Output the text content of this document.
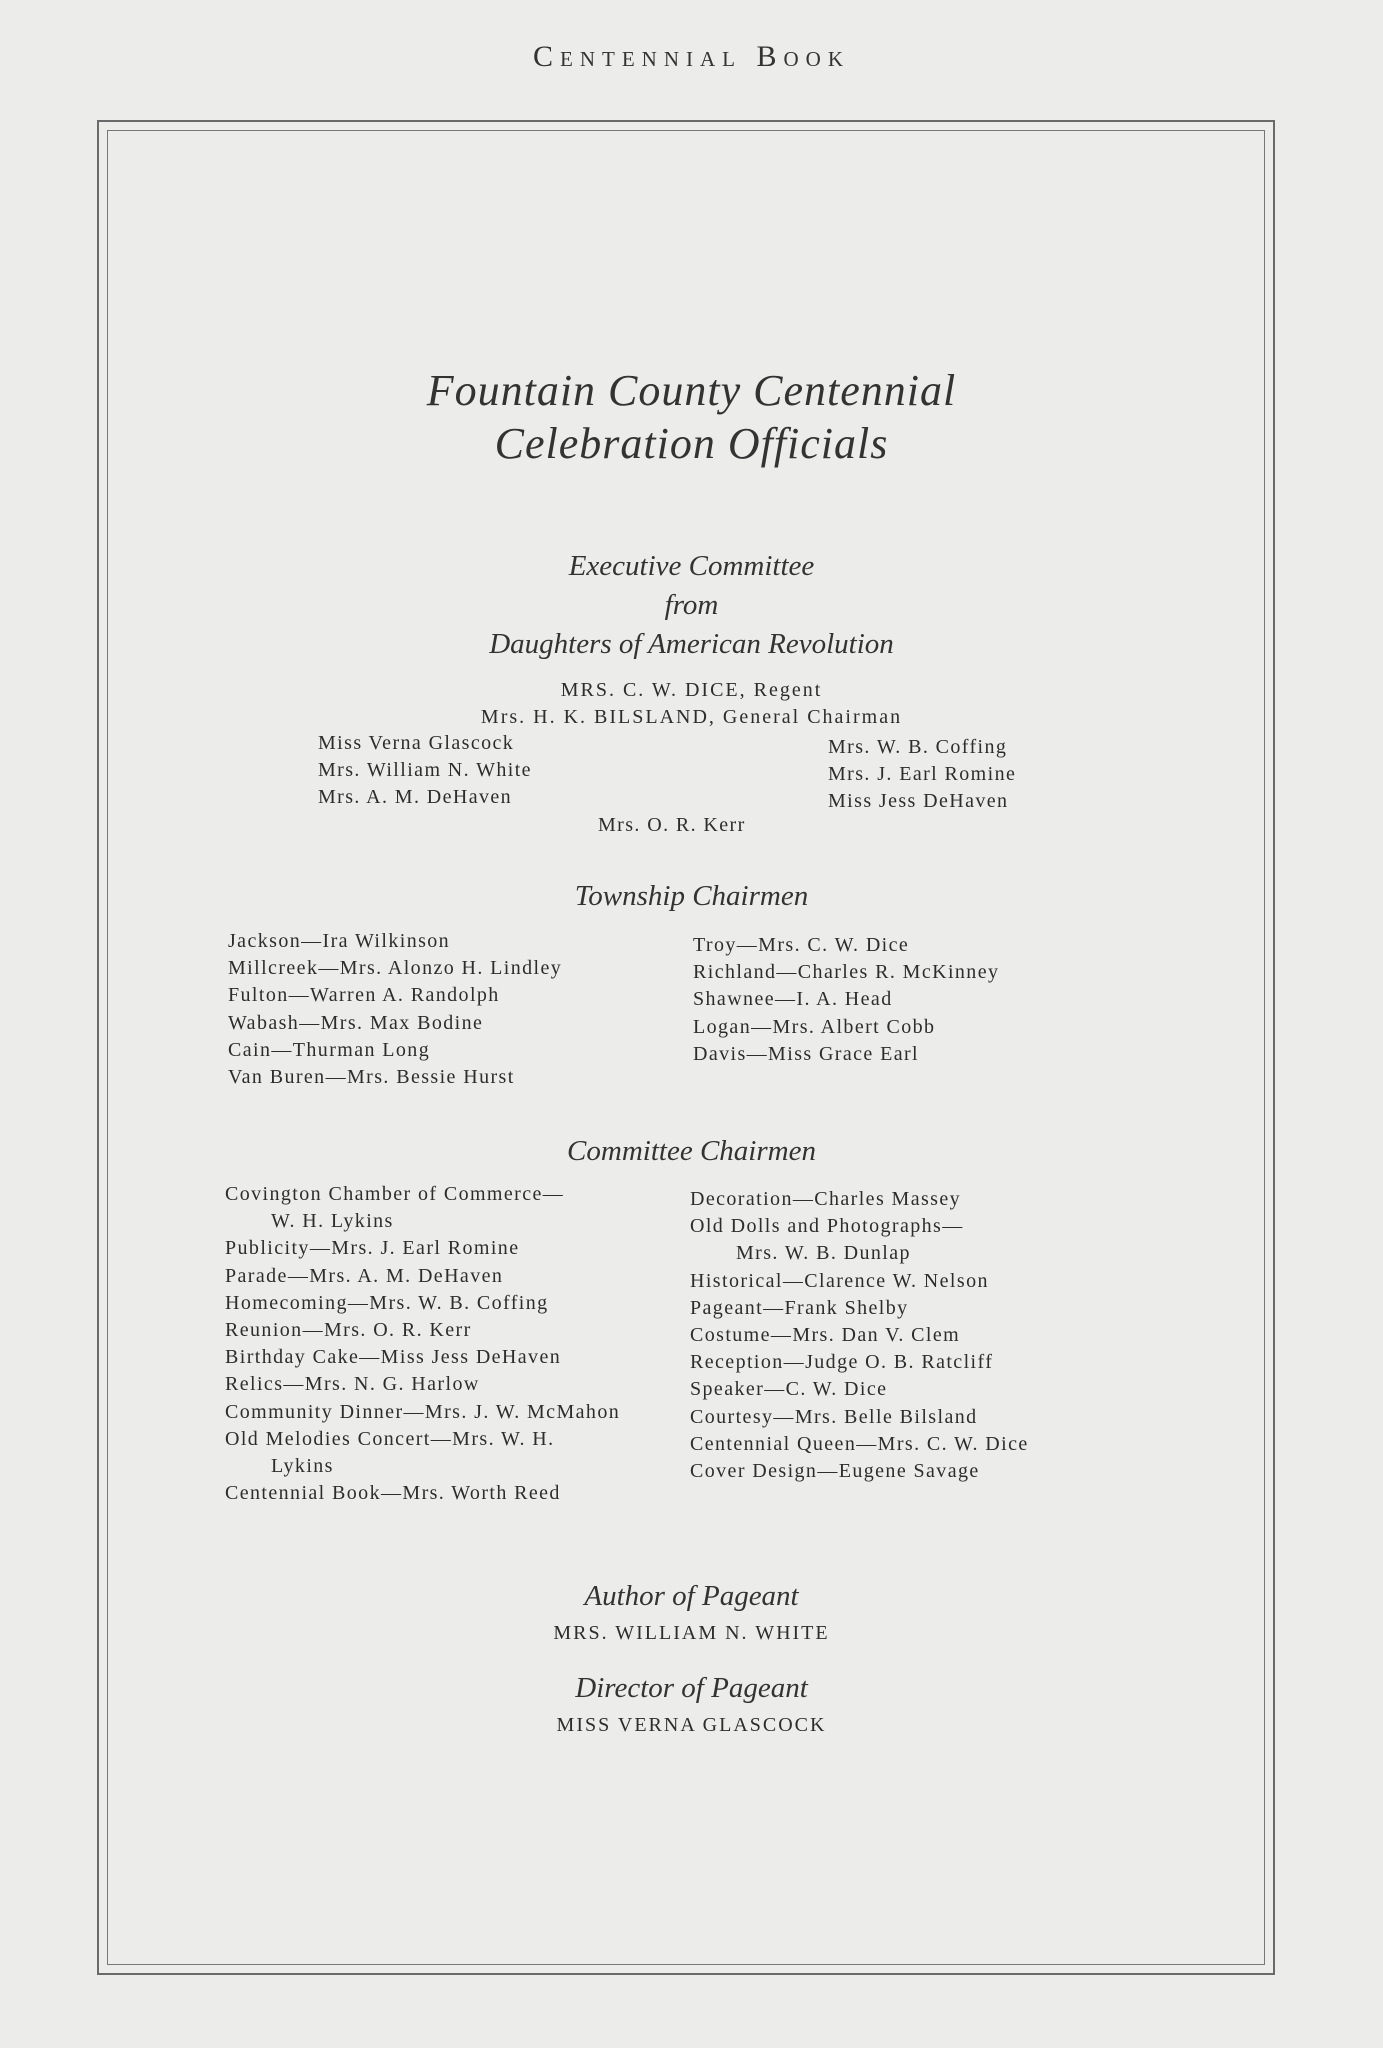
Centennial Book
Fountain County Centennial
Celebration Officials
Executive Committee
from
Daughters of American Revolution
MRS. C. W. DICE, Regent
Mrs. H. K. BILSLAND, General Chairman
Miss Verna Glascock
Mrs. William N. White
Mrs. A. M. DeHaven
Mrs. W. B. Coffing
Mrs. J. Earl Romine
Miss Jess DeHaven
Mrs. O. R. Kerr
Township Chairmen
Jackson—Ira Wilkinson
Millcreek—Mrs. Alonzo H. Lindley
Fulton—Warren A. Randolph
Wabash—Mrs. Max Bodine
Cain—Thurman Long
Van Buren—Mrs. Bessie Hurst
Troy—Mrs. C. W. Dice
Richland—Charles R. McKinney
Shawnee—I. A. Head
Logan—Mrs. Albert Cobb
Davis—Miss Grace Earl
Committee Chairmen
Covington Chamber of Commerce—
W. H. Lykins
Publicity—Mrs. J. Earl Romine
Parade—Mrs. A. M. DeHaven
Homecoming—Mrs. W. B. Coffing
Reunion—Mrs. O. R. Kerr
Birthday Cake—Miss Jess DeHaven
Relics—Mrs. N. G. Harlow
Community Dinner—Mrs. J. W. McMahon
Old Melodies Concert—Mrs. W. H.
Lykins
Centennial Book—Mrs. Worth Reed
Decoration—Charles Massey
Old Dolls and Photographs—
Mrs. W. B. Dunlap
Historical—Clarence W. Nelson
Pageant—Frank Shelby
Costume—Mrs. Dan V. Clem
Reception—Judge O. B. Ratcliff
Speaker—C. W. Dice
Courtesy—Mrs. Belle Bilsland
Centennial Queen—Mrs. C. W. Dice
Cover Design—Eugene Savage
Author of Pageant
MRS. WILLIAM N. WHITE
Director of Pageant
MISS VERNA GLASCOCK
